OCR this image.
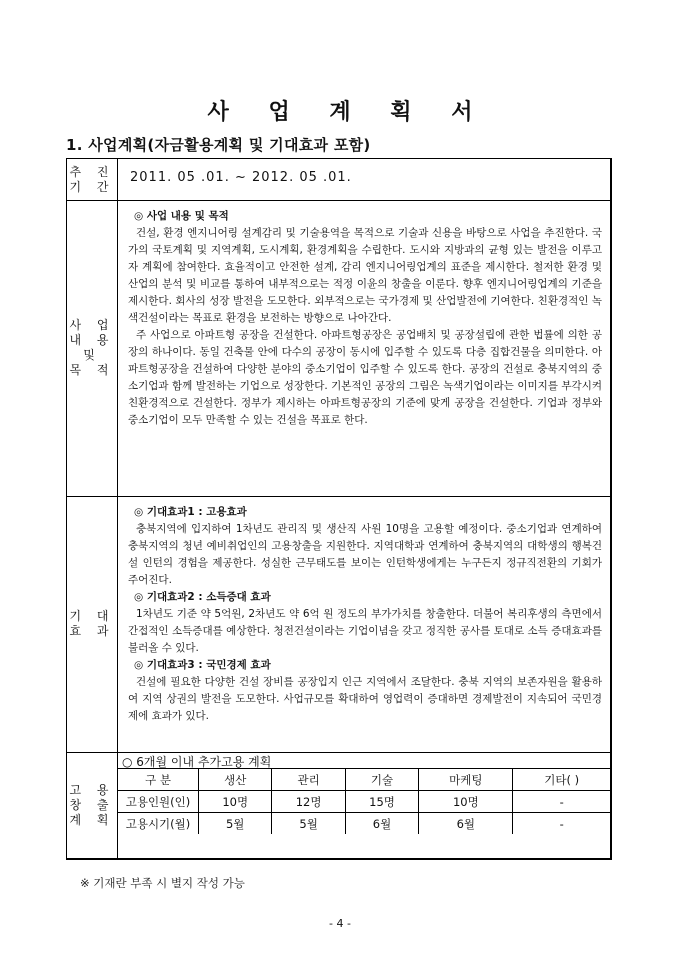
사 업 계 획 서
1. 사업계획(자금활용계획 및 기대효과 포함)
추 진
기 간
2011. 05 .01. ~ 2012. 05 .01.
사 업
내 용
및
목 적
◎ 사업 내용 및 목적

건설, 환경 엔지니어링 설계감리 및 기술용역을 목적으로 기술과 신용을 바탕으로 사업을 추진한다. 국가의 국토계획 및 지역계획, 도시계획, 환경계획을 수립한다. 도시와 지방과의 균형 있는 발전을 이루고자 계획에 참여한다. 효율적이고 안전한 설계, 감리 엔지니어링업계의 표준을 제시한다. 철저한 환경 및 산업의 분석 및 비교를 통하여 내부적으로는 적정 이윤의 창출을 이룬다. 향후 엔지니어링업계의 기준을 제시한다. 회사의 성장 발전을 도모한다. 외부적으로는 국가경제 및 산업발전에 기여한다. 친환경적인 녹색건설이라는 목표로 환경을 보전하는 방향으로 나아간다.

주 사업으로 아파트형 공장을 건설한다. 아파트형공장은 공업배치 및 공장설립에 관한 법률에 의한 공장의 하나이다. 동일 건축물 안에 다수의 공장이 동시에 입주할 수 있도록 다층 집합건물을 의미한다. 아파트형공장을 건설하여 다양한 분야의 중소기업이 입주할 수 있도록 한다. 공장의 건설로 충북지역의 중소기업과 함께 발전하는 기업으로 성장한다. 기본적인 공장의 그림은 녹색기업이라는 이미지를 부각시켜 친환경적으로 건설한다. 정부가 제시하는 아파트형공장의 기준에 맞게 공장을 건설한다. 기업과 정부와 중소기업이 모두 만족할 수 있는 건설을 목표로 한다.

기 대
효 과
◎ 기대효과1 : 고용효과

충북지역에 입지하여 1차년도 관리직 및 생산직 사원 10명을 고용할 예정이다. 중소기업과 연계하여 충북지역의 청년 예비취업인의 고용창출을 지원한다. 지역대학과 연계하여 충북지역의 대학생의 행복건설 인턴의 경험을 제공한다. 성실한 근무태도를 보이는 인턴학생에게는 누구든지 정규직전환의 기회가 주어진다.

◎ 기대효과2 : 소득증대 효과

1차년도 기준 약 5억원, 2차년도 약 6억 원 정도의 부가가치를 창출한다. 더불어 복리후생의 측면에서 간접적인 소득증대를 예상한다. 청전건설이라는 기업이념을 갖고 정직한 공사를 토대로 소득 증대효과를 불러올 수 있다.

◎ 기대효과3 : 국민경제 효과

건설에 필요한 다양한 건설 장비를 공장입지 인근 지역에서 조달한다. 충북 지역의 보존자원을 활용하여 지역 상권의 발전을 도모한다. 사업규모를 확대하여 영업력이 증대하면 경제발전이 지속되어 국민경제에 효과가 있다.

고 용
창 출
계 획
○ 6개월 이내 추가고용 계획
구 분	생산	관리	기술	마케팅	기타( )
고용인원(인)	10명	12명	15명	10명	-
고용시기(월)	5월	5월	6월	6월	-
※ 기재란 부족 시 별지 작성 가능
- 4 -
